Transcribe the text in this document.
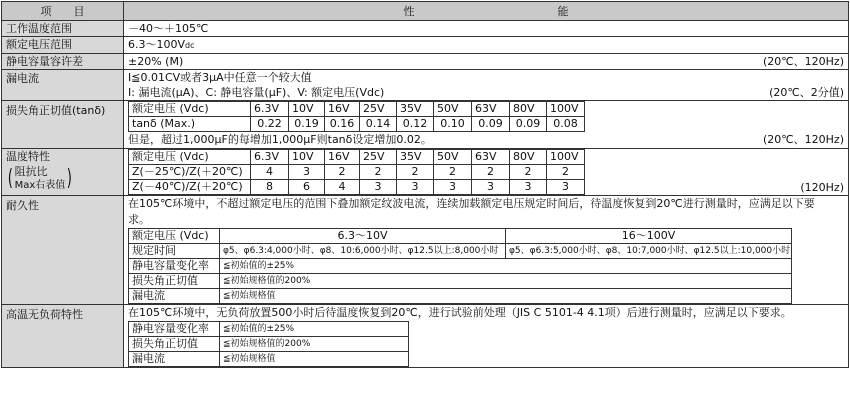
项　　目	性　　　　　　　　　　　　　能
工作温度范围	－40～＋105℃
额定电压范围	6.3～100Vdc
静电容量容许差	±20% (M)	(20℃、120Hz)

漏电流	I≦0.01CV或者3μA中任意一个较大值
I: 漏电流(μA)、C: 静电容量(μF)、V: 额定电压(Vdc)	(20℃、2分值)

损失角正切值(tanδ)	额定电压 (Vdc)	6.3V	10V	16V	25V	35V	50V	63V	80V	100V
tanδ (Max.)	0.22	0.19	0.16	0.14	0.12	0.10	0.09	0.09	0.08
但是，超过1,000μF的每增加1,000μF则tanδ设定增加0.02。	(20℃、120Hz)

温度特性
( 阻抗比
Max右表值 )

额定电压 (Vdc)	6.3V	10V	16V	25V	35V	50V	63V	80V	100V
Z(－25℃)/Z(＋20℃)	4	3	2	2	2	2	2	2	2
Z(－40℃)/Z(＋20℃)	8	6	4	3	3	3	3	3	3	(120Hz)

耐久性	在105℃环境中，不超过额定电压的范围下叠加额定纹波电流，连续加载额定电压规定时间后，待温度恢复到20℃进行测量时，应满足以下要求。
额定电压 (Vdc)	6.3～10V	16～100V
规定时间	φ5、φ6.3:4,000小时、φ8、10:6,000小时、φ12.5以上:8,000小时	φ5、φ6.3:5,000小时、φ8、10:7,000小时、φ12.5以上:10,000小时
静电容量变化率	≦初始值的±25%
损失角正切值	≦初始规格值的200%
漏电流	≦初始规格值

高温无负荷特性	在105℃环境中，无负荷放置500小时后待温度恢复到20℃，进行试验前处理（JIS C 5101-4 4.1项）后进行测量时，应满足以下要求。
静电容量变化率	≦初始值的±25%
损失角正切值	≦初始规格值的200%
漏电流	≦初始规格值
